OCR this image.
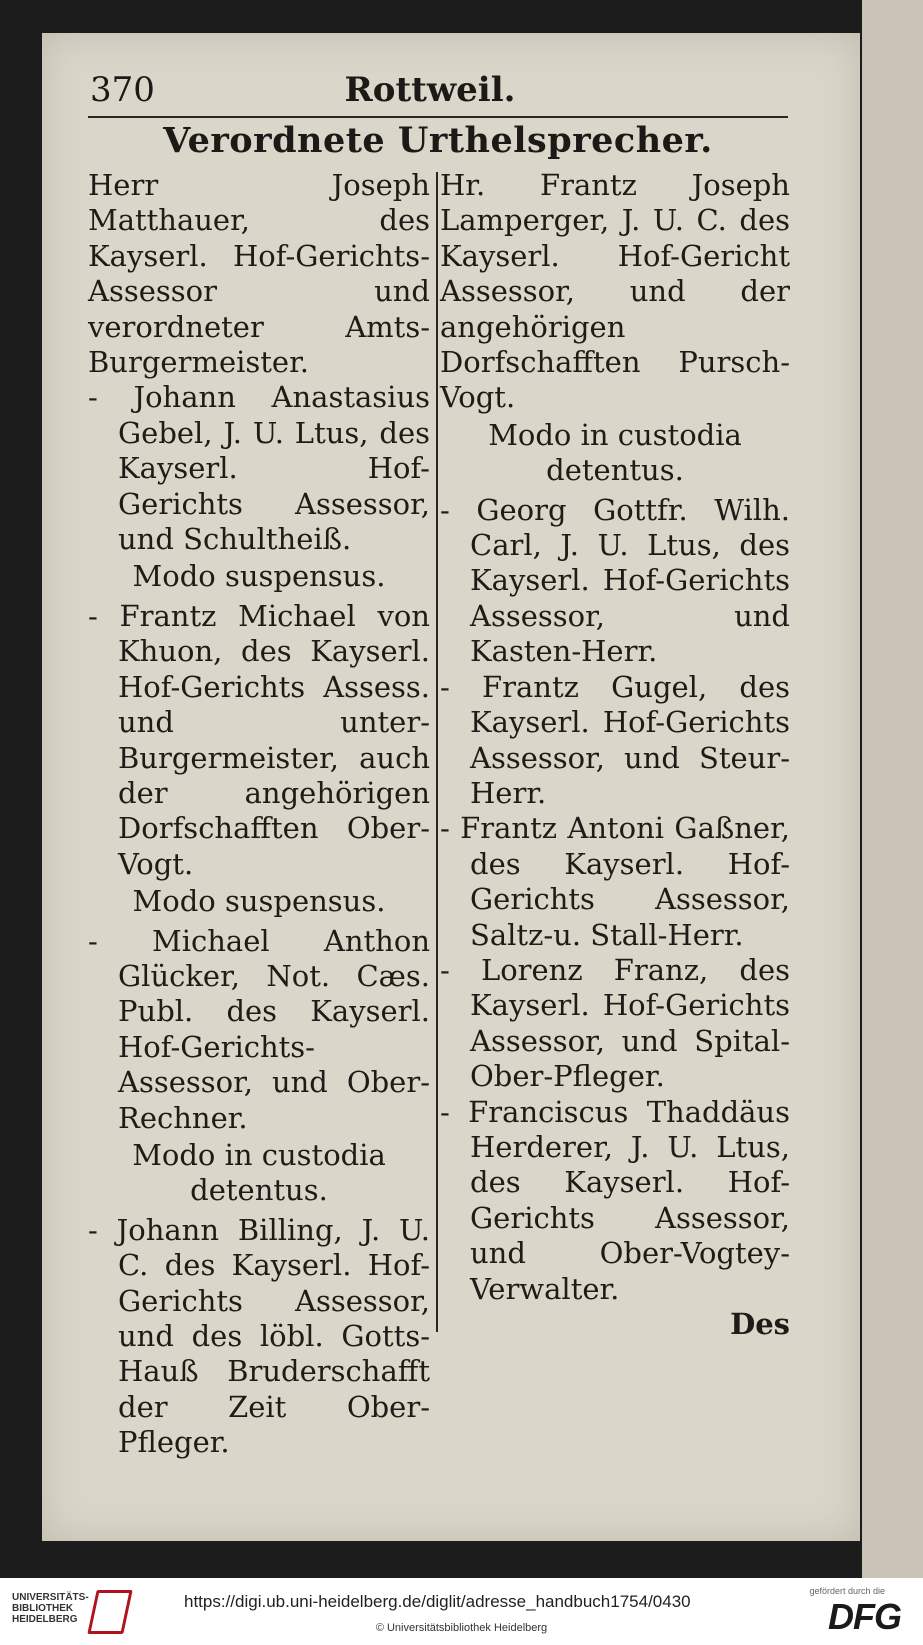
370	Rottweil.
Verordnete Urthelsprecher.

Herr Joseph Matthauer, des Kayserl. Hof-Gerichts-Assessor und verordneter Amts-Burgermeister.

- Johann Anastasius Gebel, J. U. Ltus, des Kayserl. Hof-Gerichts Assessor, und Schultheiß.

Modo suspensus.

- Frantz Michael von Khuon, des Kayserl. Hof-Gerichts Assess. und unter-Burgermeister, auch der angehörigen Dorfschafften Ober-Vogt.

Modo suspensus.

- Michael Anthon Glücker, Not. Cæs. Publ. des Kayserl. Hof-Gerichts-Assessor, und Ober-Rechner.

Modo in custodia detentus.

- Johann Billing, J. U. C. des Kayserl. Hof-Gerichts Assessor, und des löbl. Gotts-Hauß Bruderschafft der Zeit Ober-Pfleger.

Hr. Frantz Joseph Lamperger, J. U. C. des Kayserl. Hof-Gericht Assessor, und der angehörigen Dorfschafften Pursch-Vogt.

Modo in custodia detentus.

- Georg Gottfr. Wilh. Carl, J. U. Ltus, des Kayserl. Hof-Gerichts Assessor, und Kasten-Herr.

- Frantz Gugel, des Kayserl. Hof-Gerichts Assessor, und Steur-Herr.

- Frantz Antoni Gaßner, des Kayserl. Hof-Gerichts Assessor, Saltz-u. Stall-Herr.

- Lorenz Franz, des Kayserl. Hof-Gerichts Assessor, und Spital-Ober-Pfleger.

- Franciscus Thaddäus Herderer, J. U. Ltus, des Kayserl. Hof-Gerichts Assessor, und Ober-Vogtey-Verwalter.

Des

UNIVERSITÄTS-
BIBLIOTHEK
HEIDELBERG
https://digi.ub.uni-heidelberg.de/diglit/adresse_handbuch1754/0430
© Universitätsbibliothek Heidelberg
gefördert durch die
DFG
